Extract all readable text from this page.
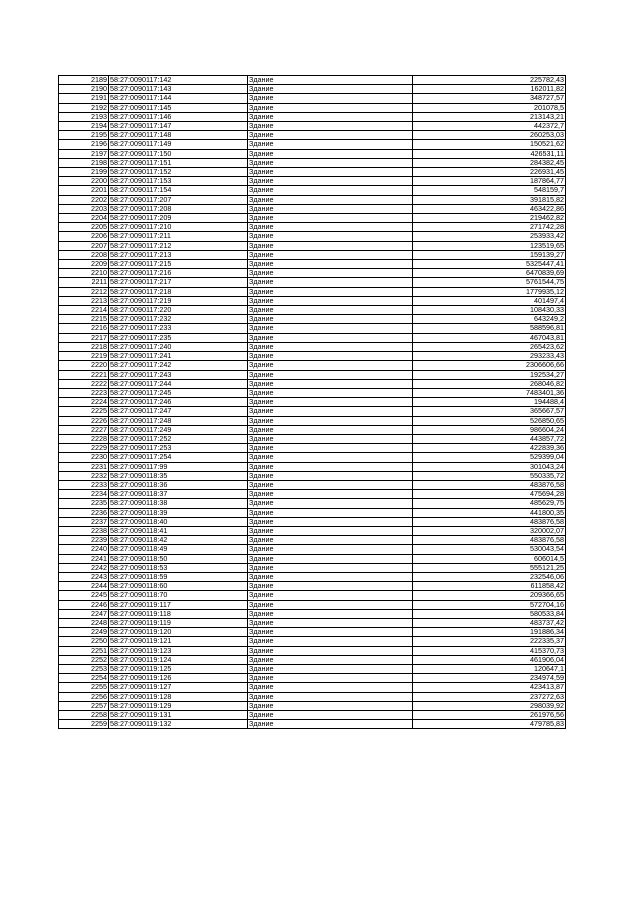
2189	58:27:0090117:142	Здание	225782,43
2190	58:27:0090117:143	Здание	162011,82
2191	58:27:0090117:144	Здание	348727,57
2192	58:27:0090117:145	Здание	201078,5
2193	58:27:0090117:146	Здание	213143,21
2194	58:27:0090117:147	Здание	442372,7
2195	58:27:0090117:148	Здание	260253,03
2196	58:27:0090117:149	Здание	150521,62
2197	58:27:0090117:150	Здание	426531,11
2198	58:27:0090117:151	Здание	284382,45
2199	58:27:0090117:152	Здание	226931,45
2200	58:27:0090117:153	Здание	187864,77
2201	58:27:0090117:154	Здание	548159,7
2202	58:27:0090117:207	Здание	391815,82
2203	58:27:0090117:208	Здание	463422,86
2204	58:27:0090117:209	Здание	219462,82
2205	58:27:0090117:210	Здание	271742,28
2206	58:27:0090117:211	Здание	253933,42
2207	58:27:0090117:212	Здание	123519,65
2208	58:27:0090117:213	Здание	159139,27
2209	58:27:0090117:215	Здание	5325447,41
2210	58:27:0090117:216	Здание	6470839,69
2211	58:27:0090117:217	Здание	5761544,75
2212	58:27:0090117:218	Здание	1779935,12
2213	58:27:0090117:219	Здание	401497,4
2214	58:27:0090117:220	Здание	108430,33
2215	58:27:0090117:232	Здание	643249,2
2216	58:27:0090117:233	Здание	588596,81
2217	58:27:0090117:235	Здание	467043,81
2218	58:27:0090117:240	Здание	265423,62
2219	58:27:0090117:241	Здание	293233,43
2220	58:27:0090117:242	Здание	2306606,66
2221	58:27:0090117:243	Здание	192534,27
2222	58:27:0090117:244	Здание	268046,82
2223	58:27:0090117:245	Здание	7483401,36
2224	58:27:0090117:246	Здание	194488,4
2225	58:27:0090117:247	Здание	365667,57
2226	58:27:0090117:248	Здание	526850,65
2227	58:27:0090117:249	Здание	986604,24
2228	58:27:0090117:252	Здание	443857,72
2229	58:27:0090117:253	Здание	422839,36
2230	58:27:0090117:254	Здание	529399,04
2231	58:27:0090117:99	Здание	301043,24
2232	58:27:0090118:35	Здание	550335,72
2233	58:27:0090118:36	Здание	483876,58
2234	58:27:0090118:37	Здание	475694,28
2235	58:27:0090118:38	Здание	485629,75
2236	58:27:0090118:39	Здание	441800,35
2237	58:27:0090118:40	Здание	483876,58
2238	58:27:0090118:41	Здание	320002,07
2239	58:27:0090118:42	Здание	483876,58
2240	58:27:0090118:49	Здание	530043,54
2241	58:27:0090118:50	Здание	606014,5
2242	58:27:0090118:53	Здание	555121,25
2243	58:27:0090118:59	Здание	232546,06
2244	58:27:0090118:60	Здание	611858,42
2245	58:27:0090118:70	Здание	209366,65
2246	58:27:0090119:117	Здание	572704,16
2247	58:27:0090119:118	Здание	580533,84
2248	58:27:0090119:119	Здание	483737,42
2249	58:27:0090119:120	Здание	191886,34
2250	58:27:0090119:121	Здание	222335,37
2251	58:27:0090119:123	Здание	415370,73
2252	58:27:0090119:124	Здание	461906,04
2253	58:27:0090119:125	Здание	120647,1
2254	58:27:0090119:126	Здание	234974,59
2255	58:27:0090119:127	Здание	423413,87
2256	58:27:0090119:128	Здание	237272,63
2257	58:27:0090119:129	Здание	298039,92
2258	58:27:0090119:131	Здание	261976,56
2259	58:27:0090119:132	Здание	479785,83
